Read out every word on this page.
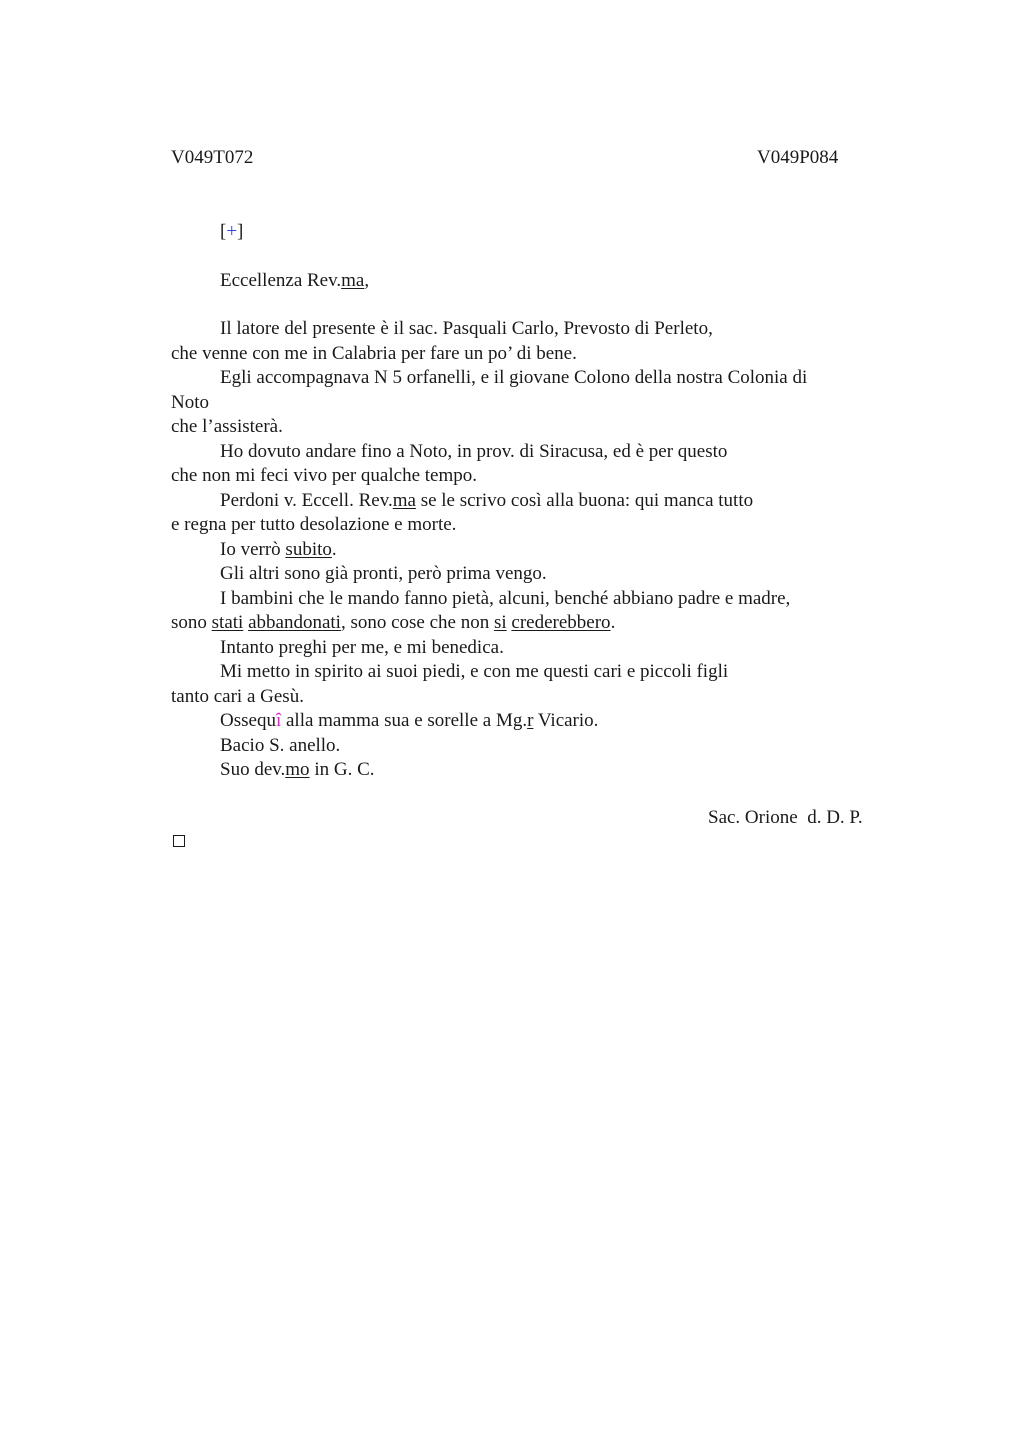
V049T072	V049P084
[+]
Eccellenza Rev.ma,
Il latore del presente è il sac. Pasquali Carlo, Prevosto di Perleto,
che venne con me in Calabria per fare un po’ di bene.
Egli accompagnava N 5 orfanelli, e il giovane Colono della nostra Colonia di
Noto
che l’assisterà.
Ho dovuto andare fino a Noto, in prov. di Siracusa, ed è per questo
che non mi feci vivo per qualche tempo.
Perdoni v. Eccell. Rev.ma se le scrivo così alla buona: qui manca tutto
e regna per tutto desolazione e morte.
Io verrò subito.
Gli altri sono già pronti, però prima vengo.
I bambini che le mando fanno pietà, alcuni, benché abbiano padre e madre,
sono stati abbandonati, sono cose che non si crederebbero.
Intanto preghi per me, e mi benedica.
Mi metto in spirito ai suoi piedi, e con me questi cari e piccoli figli
tanto cari a Gesù.
Ossequî alla mamma sua e sorelle a Mg.r Vicario.
Bacio S. anello.
Suo dev.mo in G. C.
Sac. Orione  d. D. P.
